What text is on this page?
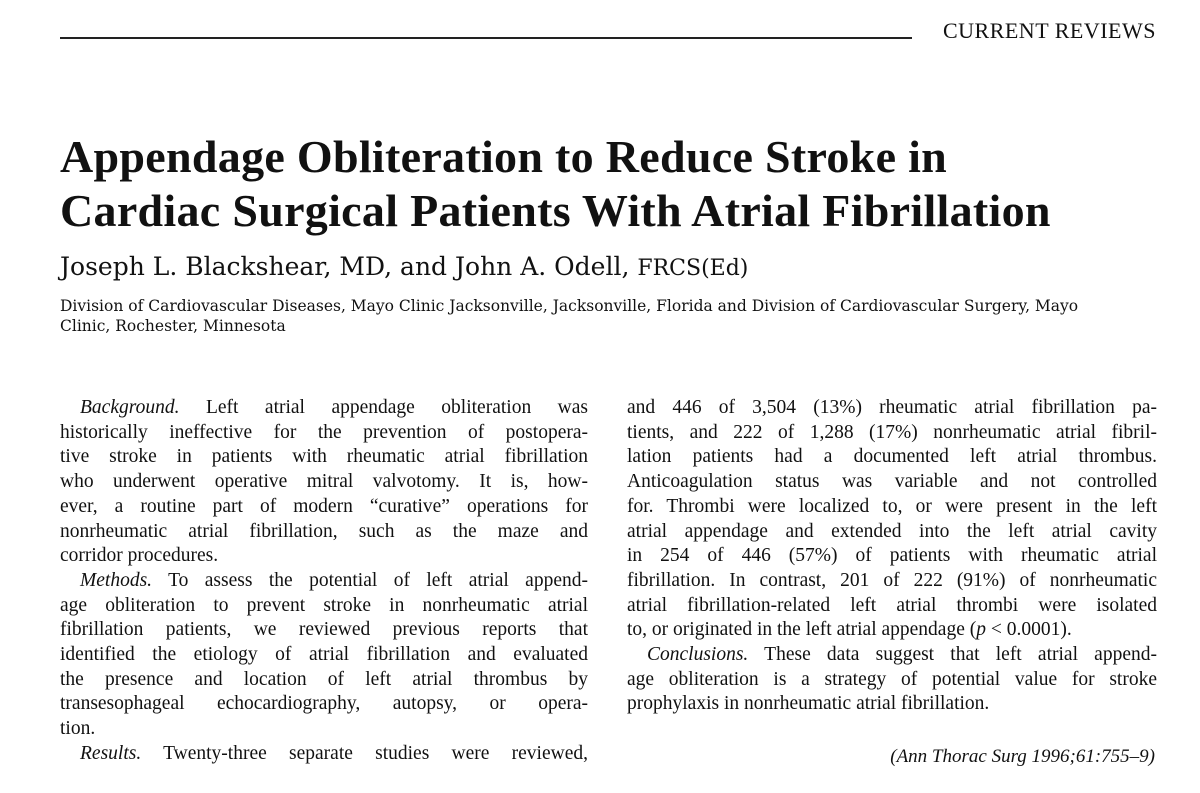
CURRENT REVIEWS
Appendage Obliteration to Reduce Stroke in
Cardiac Surgical Patients With Atrial Fibrillation
Joseph L. Blackshear, MD, and John A. Odell, FRCS(Ed)
Division of Cardiovascular Diseases, Mayo Clinic Jacksonville, Jacksonville, Florida and Division of Cardiovascular Surgery, Mayo
Clinic, Rochester, Minnesota
Background. Left atrial appendage obliteration was
historically ineffective for the prevention of postopera-
tive stroke in patients with rheumatic atrial fibrillation
who underwent operative mitral valvotomy. It is, how-
ever, a routine part of modern “curative” operations for
nonrheumatic atrial fibrillation, such as the maze and
corridor procedures.
Methods. To assess the potential of left atrial append-
age obliteration to prevent stroke in nonrheumatic atrial
fibrillation patients, we reviewed previous reports that
identified the etiology of atrial fibrillation and evaluated
the presence and location of left atrial thrombus by
transesophageal echocardiography, autopsy, or opera-
tion.
Results. Twenty-three separate studies were reviewed,
and 446 of 3,504 (13%) rheumatic atrial fibrillation pa-
tients, and 222 of 1,288 (17%) nonrheumatic atrial fibril-
lation patients had a documented left atrial thrombus.
Anticoagulation status was variable and not controlled
for. Thrombi were localized to, or were present in the left
atrial appendage and extended into the left atrial cavity
in 254 of 446 (57%) of patients with rheumatic atrial
fibrillation. In contrast, 201 of 222 (91%) of nonrheumatic
atrial fibrillation-related left atrial thrombi were isolated
to, or originated in the left atrial appendage (p < 0.0001).
Conclusions. These data suggest that left atrial append-
age obliteration is a strategy of potential value for stroke
prophylaxis in nonrheumatic atrial fibrillation.
(Ann Thorac Surg 1996;61:755–9)
